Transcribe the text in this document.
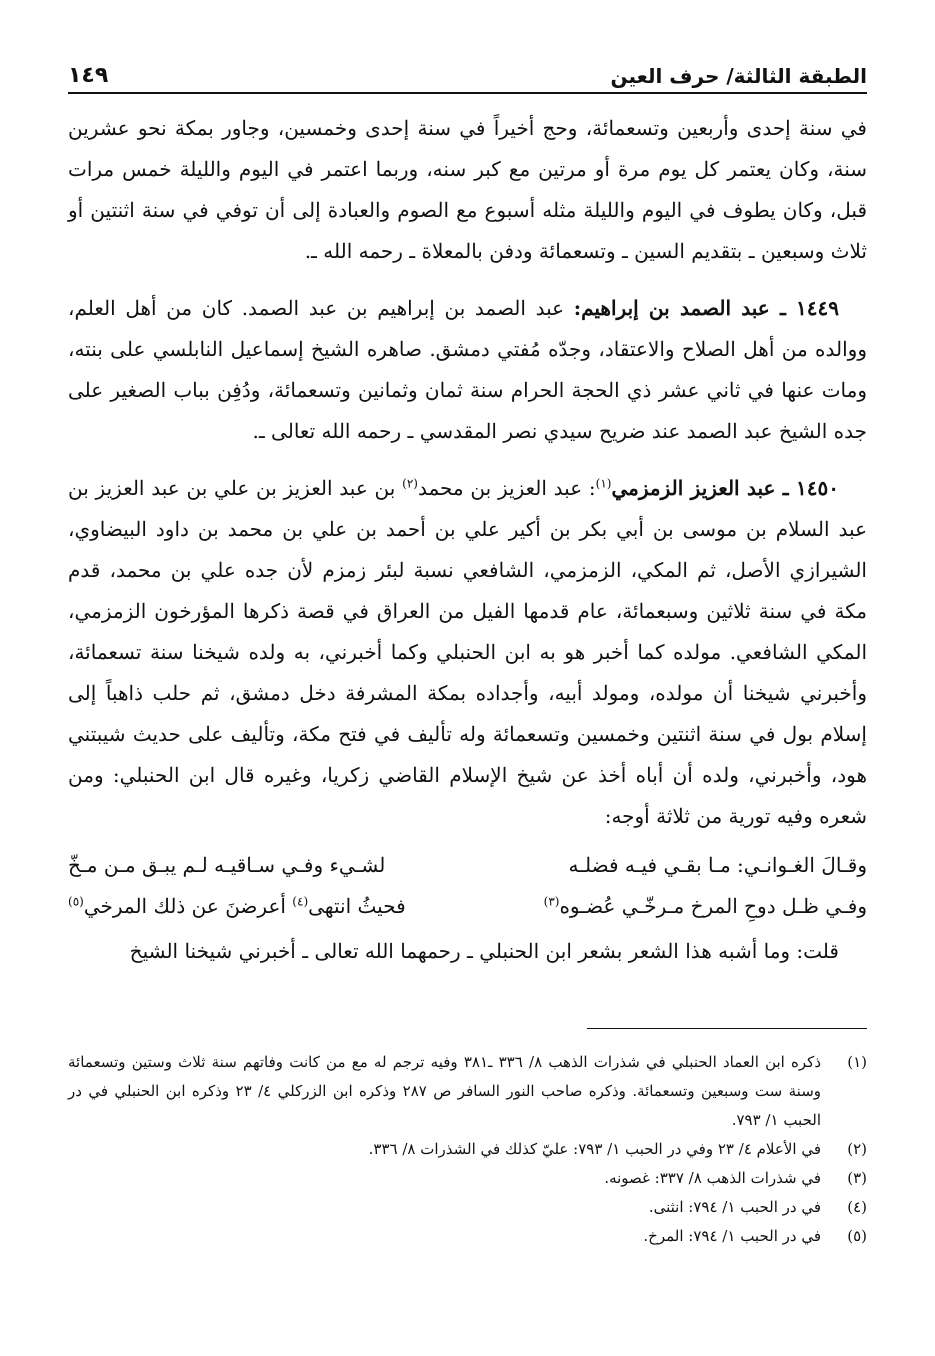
الطبقة الثالثة/ حرف العين
١٤٩

في سنة إحدى وأربعين وتسعمائة، وحج أخيراً في سنة إحدى وخمسين، وجاور بمكة نحو عشرين سنة، وكان يعتمر كل يوم مرة أو مرتين مع كبر سنه، وربما اعتمر في اليوم والليلة خمس مرات قبل، وكان يطوف في اليوم والليلة مثله أسبوع مع الصوم والعبادة إلى أن توفي في سنة اثنتين أو ثلاث وسبعين ـ بتقديم السين ـ وتسعمائة ودفن بالمعلاة ـ رحمه الله ـ.

١٤٤٩ ـ عبد الصمد بن إبراهيم: عبد الصمد بن إبراهيم بن عبد الصمد. كان من أهل العلم، ووالده من أهل الصلاح والاعتقاد، وجدّه مُفتي دمشق. صاهره الشيخ إسماعيل النابلسي على بنته، ومات عنها في ثاني عشر ذي الحجة الحرام سنة ثمان وثمانين وتسعمائة، ودُفِن بباب الصغير على جده الشيخ عبد الصمد عند ضريح سيدي نصر المقدسي ـ رحمه الله تعالى ـ.

١٤٥٠ ـ عبد العزيز الزمزمي$^{(١)}$: عبد العزيز بن محمد$^{(٢)}$ بن عبد العزيز بن علي بن عبد العزيز بن عبد السلام بن موسى بن أبي بكر بن أكير علي بن أحمد بن علي بن محمد بن داود البيضاوي، الشيرازي الأصل، ثم المكي، الزمزمي، الشافعي نسبة لبئر زمزم لأن جده علي بن محمد، قدم مكة في سنة ثلاثين وسبعمائة، عام قدمها الفيل من العراق في قصة ذكرها المؤرخون الزمزمي، المكي الشافعي. مولده كما أخبر هو به ابن الحنبلي وكما أخبرني، به ولده شيخنا سنة تسعمائة، وأخبرني شيخنا أن مولده، ومولد أبيه، وأجداده بمكة المشرفة دخل دمشق، ثم حلب ذاهباً إلى إسلام بول في سنة اثنتين وخمسين وتسعمائة وله تأليف في فتح مكة، وتأليف على حديث شيبتني هود، وأخبرني، ولده أن أباه أخذ عن شيخ الإسلام القاضي زكريا، وغيره قال ابن الحنبلي: ومن شعره وفيه تورية من ثلاثة أوجه:

وقـالَ الغـوانـي: مـا بقـي فيـه فضلـه
لشـيء وفـي سـاقيـه لـم يبـق مـن مـخّ
وفـي ظـل دوحِ المرخ مـرخّـي عُضـوه$^{(٣)}$
فحيثُ انتهى$^{(٤)}$ أعرضنَ عن ذلك المرخي$^{(٥)}$

قلت: وما أشبه هذا الشعر بشعر ابن الحنبلي ـ رحمهما الله تعالى ـ أخبرني شيخنا الشيخ

(١)
ذكره ابن العماد الحنبلي في شذرات الذهب ٨/ ٣٣٦ ـ٣٨١ وفيه ترجم له مع من كانت وفاتهم سنة ثلاث وستين وتسعمائة وسنة ست وسبعين وتسعمائة. وذكره صاحب النور السافر ص ٢٨٧ وذكره ابن الزركلي ٤/ ٢٣ وذكره ابن الحنبلي في در الحبب ١/ ٧٩٣.
(٢)
في الأعلام ٤/ ٢٣ وفي در الحبب ١/ ٧٩٣: عليّ كذلك في الشذرات ٨/ ٣٣٦.
(٣)
في شذرات الذهب ٨/ ٣٣٧: غصونه.
(٤)
في در الحبب ١/ ٧٩٤: انثنى.
(٥)
في در الحبب ١/ ٧٩٤: المرخ.
